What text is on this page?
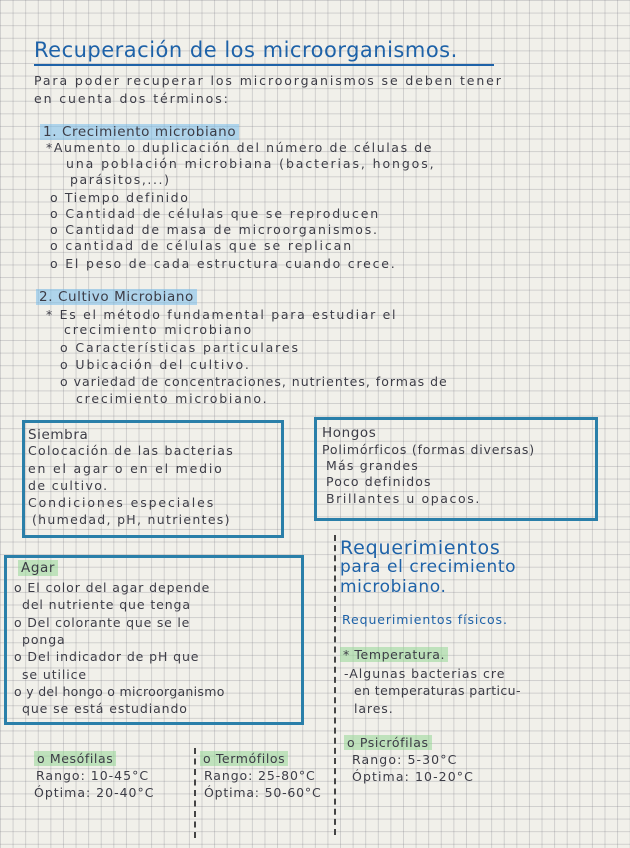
Recuperación de los microorganismos.
Para poder recuperar los microorganismos se deben tener
en cuenta dos términos:
1. Crecimiento microbiano
*Aumento o duplicación del número de células de
una población microbiana (bacterias, hongos,
parásitos,...)
o Tiempo definido
o Cantidad de células que se reproducen
o Cantidad de masa de microorganismos.
o cantidad de células que se replican
o El peso de cada estructura cuando crece.
2. Cultivo Microbiano
* Es el método fundamental para estudiar el
crecimiento microbiano
o Características particulares
o Ubicación del cultivo.
o variedad de concentraciones, nutrientes, formas de
crecimiento microbiano.
Siembra
Colocación de las bacterias
en el agar o en el medio
de cultivo.
Condiciones especiales
(humedad, pH, nutrientes)
Hongos
Polimórficos (formas diversas)
Más grandes
Poco definidos
Brillantes u opacos.
Agar
o El color del agar depende
del nutriente que tenga
o Del colorante que se le
ponga
o Del indicador de pH que
se utilice
o y del hongo o microorganismo
que se está estudiando
Requerimientos
para el crecimiento
microbiano.
Requerimientos físicos.
* Temperatura.
-Algunas bacterias cre
en temperaturas particu-
lares.
o Mesófilas
Rango: 10-45°C
Óptima: 20-40°C
o Termófilos
Rango: 25-80°C
Óptima: 50-60°C
o Psicrófilas
Rango: 5-30°C
Óptima: 10-20°C
